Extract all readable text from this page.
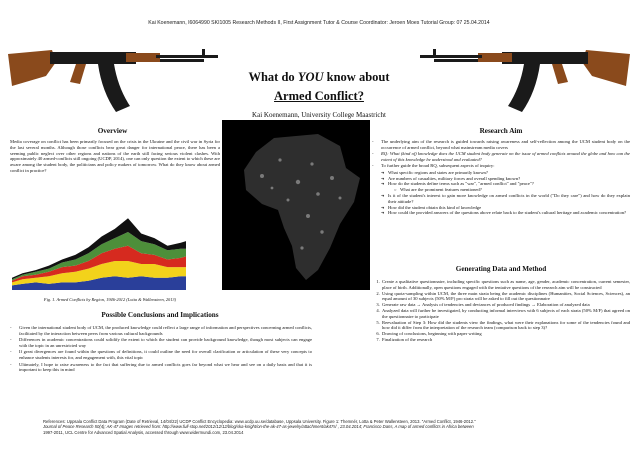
Kai Koenemann, I6064990 SKI1005 Research Methods II, First Assignment Tutor & Course Coordinator: Jeroen Moes Tutorial Group: 07 25.04.2014
What do YOU know about
Armed Conflict?
Kai Koenemann, University College Maastricht
Overview
Media coverage on conflict has been primarily focused on the crisis in the Ukraine and the civil war in Syria for the last several months. Although those conflicts bear great danger for international peace, there has been a seeming public neglect over other regions and nations of the earth still facing serious violent clashes. With approximately 40 armed-conflicts still ongoing (UCDP, 2014), one can only question the extent to which these are aware among the student body, the politicians and policy makers of tomorrow. What do they know about armed conflict in practice?
Fig. 1. Armed Conflicts by Region, 1946-2012 (Lotta & Wallensteen, 2013)
Possible Conclusions and Implications
- Given the international student body of UCM, the produced knowledge could reflect a large range of information and perspectives concerning armed conflicts, facilitated by the interaction between peers from various cultural backgrounds
- Differences in academic concentrations could solidify the extent to which the student can provide background knowledge, though most subjects can engage with the topic in an unrestricted way
- If great divergences are found within the questions of definitions, it could outline the need for overall clarification or articulation of these very concepts to enhance students interests for, and engagement with, this vital topic
- Ultimately, I hope to raise awareness to the fact that suffering due to armed conflicts goes far beyond what we hear and see on a daily basis and that it is important to keep this in mind
Research Aim
- The underlying aim of the research is guided towards raising awareness and self-reflection among the UCM student body on the occurrence of armed conflict, beyond what mainstream media covers
- RQ: What (kind of) knowledge does the UCM student body generate on the issue of armed conflicts around the globe and how can the extent of this knowledge be understood and evaluated?
- To further guide the broad RQ, subsequent aspects of inquiry:
➜ What specific regions and states are primarily known?
➜ Are numbers of casualties, military forces and overall spending known?
➜ How do the students define terms such as "war", "armed conflict" and "peace"?
○ What are the prominent features mentioned?
➜ Is it of the student's interest to gain more knowledge on armed conflicts in the world ("Do they care") and how do they explain their attitude?
➜ How did the student obtain this kind of knowledge
➜ How could the provided answers of the questions above relate back to the student's cultural heritage and academic concentration?
Generating Data and Method
1. Create a qualitative questionnaire, including specific questions such as name, age, gender, academic concentration, current semester, place of birth. Additionally, open questions engaged with the tentative questions of the research aim will be constructed
2. Using quota-sampling within UCM, the three main strata being the academic disciplines (Humanities, Social Sciences, Sciences), an equal amount of 30 subjects (50% M/F) pro strata will be asked to fill out the questionnaire
3. Generate raw data → Analysis of tendencies and deviances of produced findings → Elaboration of analyzed data
4. Analyzed data will further be investigated, by conducting informal interviews with 6 subjects of each strata (50% M/F) that agreed on the questionnaire to participate
5. Reevaluation of Step 3: How did the students view the findings, what were their explanations for some of the tendencies found and how did it differ from the interpretation of the research team (comparison back to step 3)?
6. Drawing of conclusions, beginning with paper writing
7. Finalization of the research
References: Uppsala Conflict Data Program (Date of Retrieval, 14/04/22) UCDP Conflict Encyclopedia: www.ucdp.uu.se/database, Uppsala University. Figure 1: Themnér, Lotta & Peter Wallensteen, 2013. "Armed Conflict, 1946-2012."
Journal of Peace Research 50(4); AK-47 Images retrieved from: http://www.full-stop.net/2012/12/12/blog/ska-knight/on-the-ak-47-as-jewelry/attachment/ak47s/ , 23.04.2014; Francisco Dans, A map of armed conflicts in Africa between
1997-2011, UCL Centre for Advanced Spatial Analysis, accessed through www.widermundi.com, 23.04.2014
